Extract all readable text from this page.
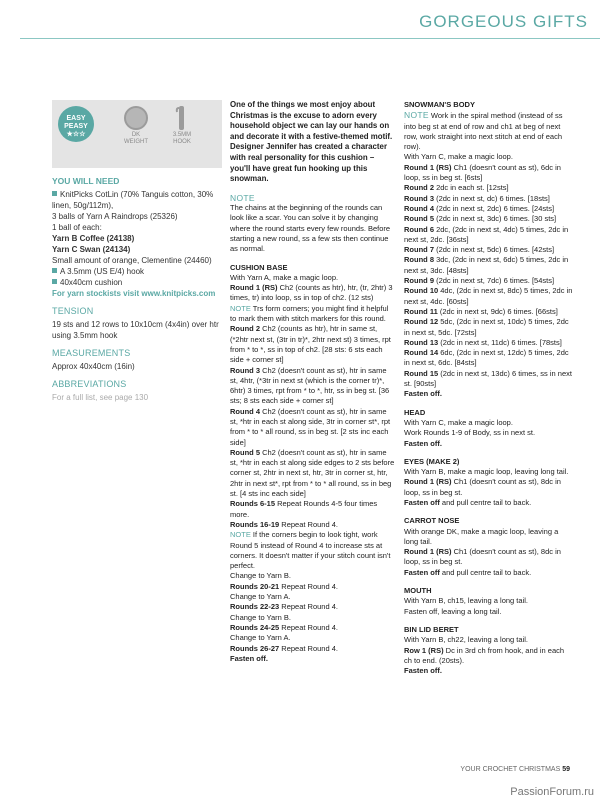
GORGEOUS GIFTS
EASY
PEASY
★☆☆	DK
WEIGHT
3.5MM
HOOK
YOU WILL NEED
KnitPicks CotLin (70% Tanguis cotton, 30% linen, 50g/112m),
3 balls of Yarn A Raindrops (25326)
1 ball of each:
Yarn B Coffee (24138)
Yarn C Swan (24134)
Small amount of orange, Clementine (24460)
A 3.5mm (US E/4) hook
40x40cm cushion
For yarn stockists visit www.knitpicks.com
TENSION
19 sts and 12 rows to 10x10cm (4x4in) over htr using 3.5mm hook
MEASUREMENTS
Approx 40x40cm (16in)
ABBREVIATIONS
For a full list, see page 130

One of the things we most enjoy about Christmas is the excuse to adorn every household object we can lay our hands on and decorate it with a festive-themed motif. Designer Jennifer has created a character with real personality for this cushion – you'll have great fun hooking up this snowman.

NOTE

The chains at the beginning of the rounds can look like a scar. You can solve it by changing where the round starts every few rounds. Before starting a new round, ss a few sts then continue as normal.

CUSHION BASE

With Yarn A, make a magic loop.

Round 1 (RS) Ch2 (counts as htr), htr, (tr, 2htr) 3 times, tr) into loop, ss in top of ch2. (12 sts)

NOTE Trs form corners; you might find it helpful to mark them with stitch markers for this round.

Round 2 Ch2 (counts as htr), htr in same st, (*2htr next st, (3tr in tr)*, 2htr next st) 3 times, rpt from * to *, ss in top of ch2. [28 sts: 6 sts each side + corner st]

Round 3 Ch2 (doesn't count as st), htr in same st, 4htr, (*3tr in next st (which is the corner tr)*, 6htr) 3 times, rpt from * to *, htr, ss in beg st. [36 sts; 8 sts each side + corner st]

Round 4 Ch2 (doesn't count as st), htr in same st, *htr in each st along side, 3tr in corner st*, rpt from * to * all round, ss in beg st. [2 sts inc each side]

Round 5 Ch2 (doesn't count as st), htr in same st, *htr in each st along side edges to 2 sts before corner st, 2htr in next st, htr, 3tr in corner st, htr, 2htr in next st*, rpt from * to * all round, ss in beg st. [4 sts inc each side]

Rounds 6-15 Repeat Rounds 4-5 four times more.

Rounds 16-19 Repeat Round 4.

NOTE If the corners begin to look tight, work Round 5 instead of Round 4 to increase sts at corners. It doesn't matter if your stitch count isn't perfect.

Change to Yarn B.

Rounds 20-21 Repeat Round 4.

Change to Yarn A.

Rounds 22-23 Repeat Round 4.

Change to Yarn B.

Rounds 24-25 Repeat Round 4.

Change to Yarn A.

Rounds 26-27 Repeat Round 4.

Fasten off.

SNOWMAN'S BODY

NOTE Work in the spiral method (instead of ss into beg st at end of row and ch1 at beg of next row, work straight into next stitch at end of each row).

With Yarn C, make a magic loop.

Round 1 (RS) Ch1 (doesn't count as st), 6dc in loop, ss in beg st. [6sts]

Round 2 2dc in each st. [12sts]

Round 3 (2dc in next st, dc) 6 times. [18sts]

Round 4 (2dc in next st, 2dc) 6 times. [24sts]

Round 5 (2dc in next st, 3dc) 6 times. [30 sts]

Round 6 2dc, (2dc in next st, 4dc) 5 times, 2dc in next st, 2dc. [36sts]

Round 7 (2dc in next st, 5dc) 6 times. [42sts]

Round 8 3dc, (2dc in next st, 6dc) 5 times, 2dc in next st, 3dc. [48sts]

Round 9 (2dc in next st, 7dc) 6 times. [54sts]

Round 10 4dc, (2dc in next st, 8dc) 5 times, 2dc in next st, 4dc. [60sts]

Round 11 (2dc in next st, 9dc) 6 times. [66sts]

Round 12 5dc, (2dc in next st, 10dc) 5 times, 2dc in next st, 5dc. [72sts]

Round 13 (2dc in next st, 11dc) 6 times. [78sts]

Round 14 6dc, (2dc in next st, 12dc) 5 times, 2dc in next st, 6dc. [84sts]

Round 15 (2dc in next st, 13dc) 6 times, ss in next st. [90sts]

Fasten off.

HEAD

With Yarn C, make a magic loop.

Work Rounds 1-9 of Body, ss in next st.

Fasten off.

EYES (MAKE 2)

With Yarn B, make a magic loop, leaving long tail.

Round 1 (RS) Ch1 (doesn't count as st), 8dc in loop, ss in beg st.

Fasten off and pull centre tail to back.

CARROT NOSE

With orange DK, make a magic loop, leaving a long tail.

Round 1 (RS) Ch1 (doesn't count as st), 8dc in loop, ss in beg st.

Fasten off and pull centre tail to back.

MOUTH

With Yarn B, ch15, leaving a long tail.

Fasten off, leaving a long tail.

BIN LID BERET

With Yarn B, ch22, leaving a long tail.

Row 1 (RS) Dc in 3rd ch from hook, and in each ch to end. (20sts).

Fasten off.

YOUR CROCHET CHRISTMAS 59
PassionForum.ru
